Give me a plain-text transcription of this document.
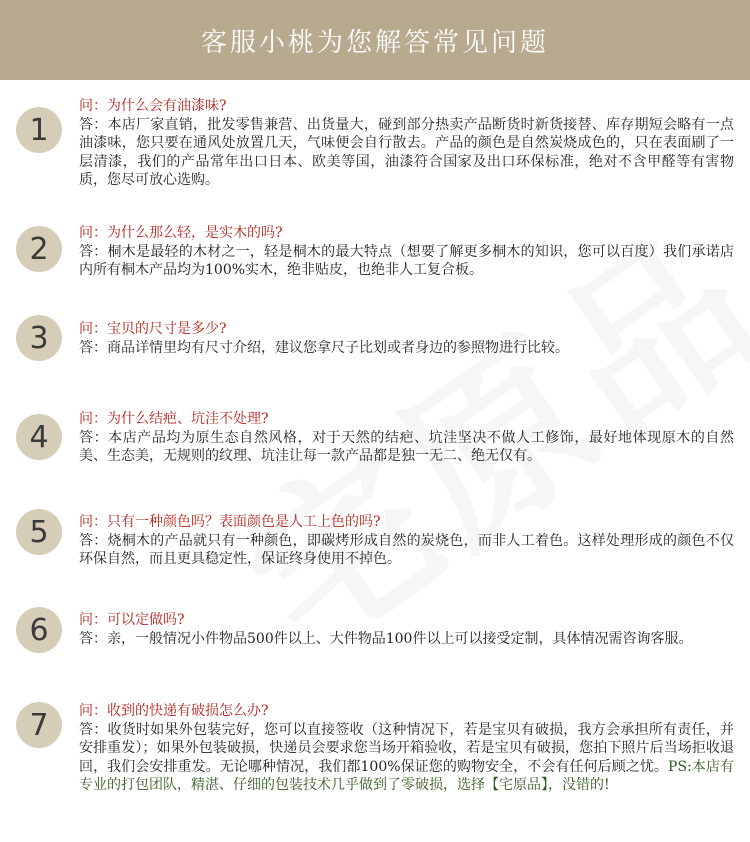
客服小桃为您解答常见问题
1
问：为什么会有油漆味?
答：本店厂家直销，批发零售兼营、出货量大，碰到部分热卖产品断货时新货接替、库存期短会略有一点油漆味，您只要在通风处放置几天，气味便会自行散去。产品的颜色是自然炭烧成色的，只在表面刷了一层清漆，我们的产品常年出口日本、欧美等国，油漆符合国家及出口环保标准，绝对不含甲醛等有害物质，您尽可放心选购。
2	问：为什么那么轻，是实木的吗?
答：桐木是最轻的木材之一，轻是桐木的最大特点（想要了解更多桐木的知识，您可以百度）我们承诺店内所有桐木产品均为100%实木，绝非贴皮，也绝非人工复合板。
3	问：宝贝的尺寸是多少?
答：商品详情里均有尺寸介绍，建议您拿尺子比划或者身边的参照物进行比较。
4
问：为什么结疤、坑洼不处理?
答：本店产品均为原生态自然风格，对于天然的结疤、坑洼坚决不做人工修饰，最好地体现原木的自然美、生态美，无规则的纹理、坑洼让每一款产品都是独一无二、绝无仅有。
5	问：只有一种颜色吗？表面颜色是人工上色的吗?
答：烧桐木的产品就只有一种颜色，即碳烤形成自然的炭烧色，而非人工着色。这样处理形成的颜色不仅环保自然，而且更具稳定性，保证终身使用不掉色。
6	问：可以定做吗?
答：亲，一般情况小件物品500件以上、大件物品100件以上可以接受定制，具体情况需咨询客服。
7	问：收到的快递有破损怎么办?
答：收货时如果外包装完好，您可以直接签收（这种情况下，若是宝贝有破损，我方会承担所有责任，并安排重发）；如果外包装破损，快递员会要求您当场开箱验收，若是宝贝有破损，您拍下照片后当场拒收退回，我们会安排重发。无论哪种情况，我们都100%保证您的购物安全，不会有任何后顾之忧。PS:本店有专业的打包团队，精湛、仔细的包装技术几乎做到了零破损，选择【宅原品】，没错的!
